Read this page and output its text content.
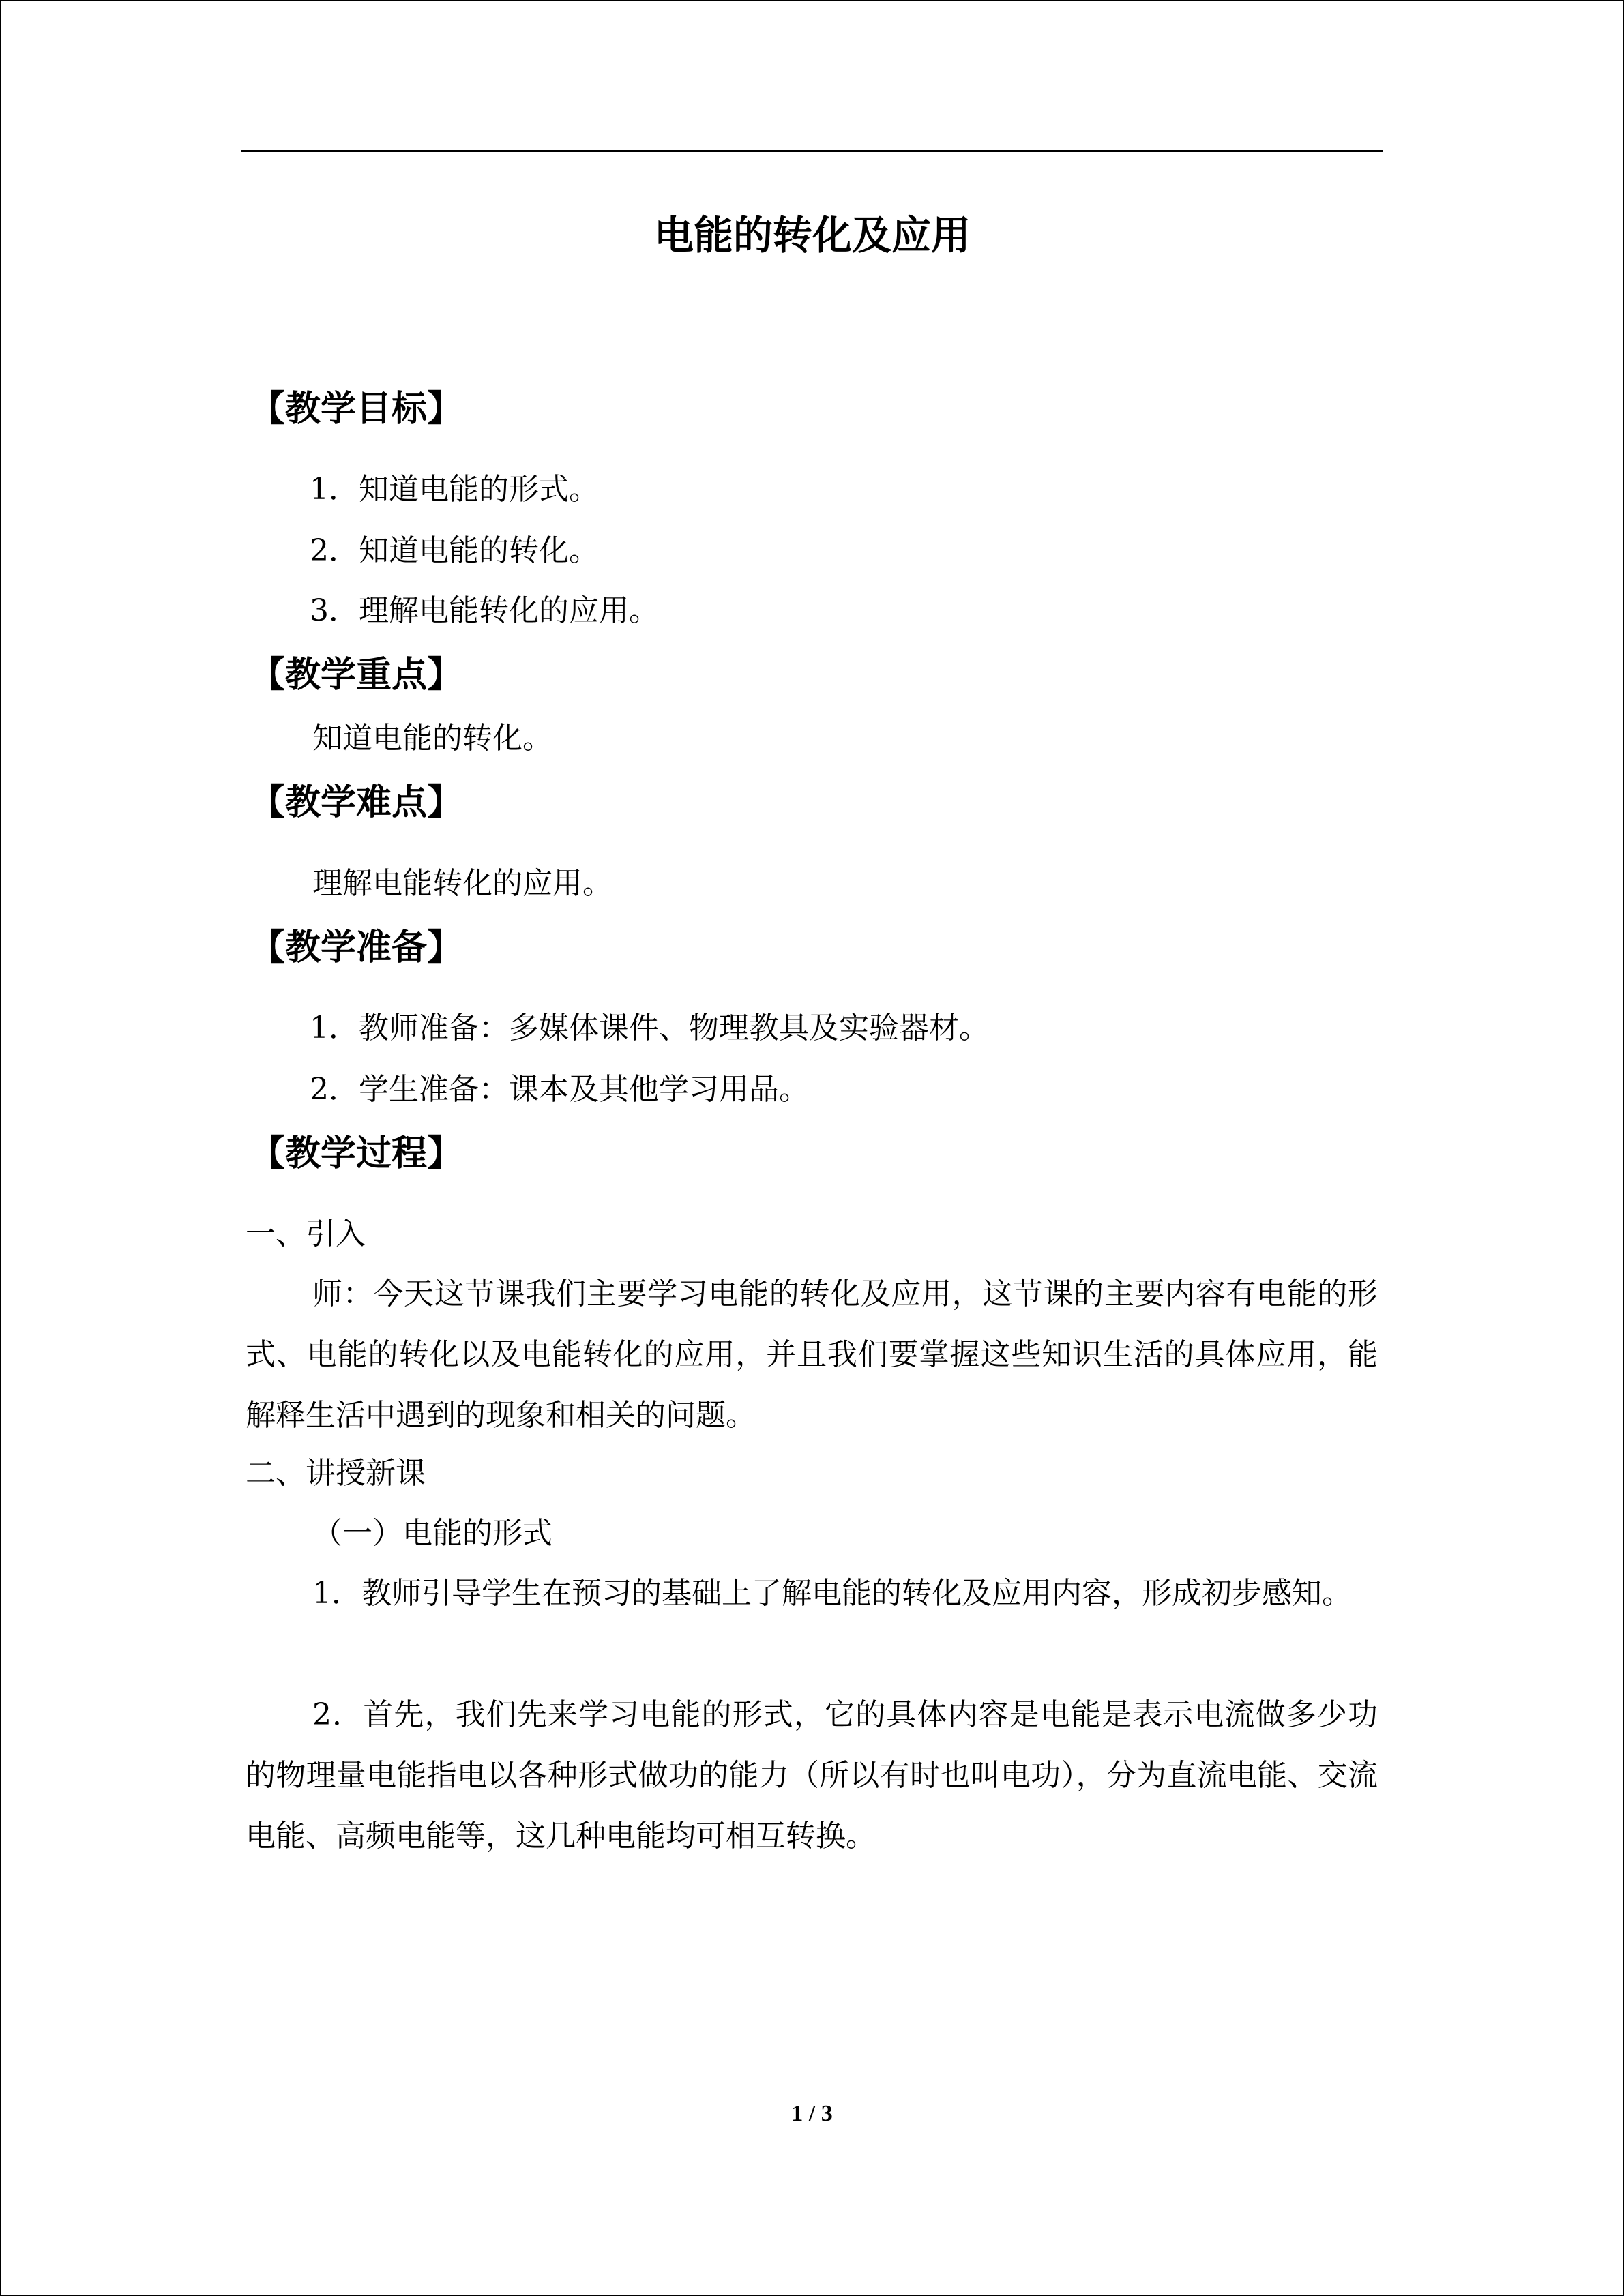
电能的转化及应用
【教学目标】

1．知道电能的形式。

2．知道电能的转化。

3．理解电能转化的应用。

【教学重点】

知道电能的转化。

【教学难点】

理解电能转化的应用。

【教学准备】

1．教师准备：多媒体课件、物理教具及实验器材。

2．学生准备：课本及其他学习用品。

【教学过程】

一、引入

师：今天这节课我们主要学习电能的转化及应用，这节课的主要内容有电能的形式、电能的转化以及电能转化的应用，并且我们要掌握这些知识生活的具体应用，能解释生活中遇到的现象和相关的问题。

二、讲授新课

（一）电能的形式

1．教师引导学生在预习的基础上了解电能的转化及应用内容，形成初步感知。

2．首先，我们先来学习电能的形式，它的具体内容是电能是表示电流做多少功的物理量电能指电以各种形式做功的能力（所以有时也叫电功），分为直流电能、交流电能、高频电能等，这几种电能均可相互转换。

1 / 3
